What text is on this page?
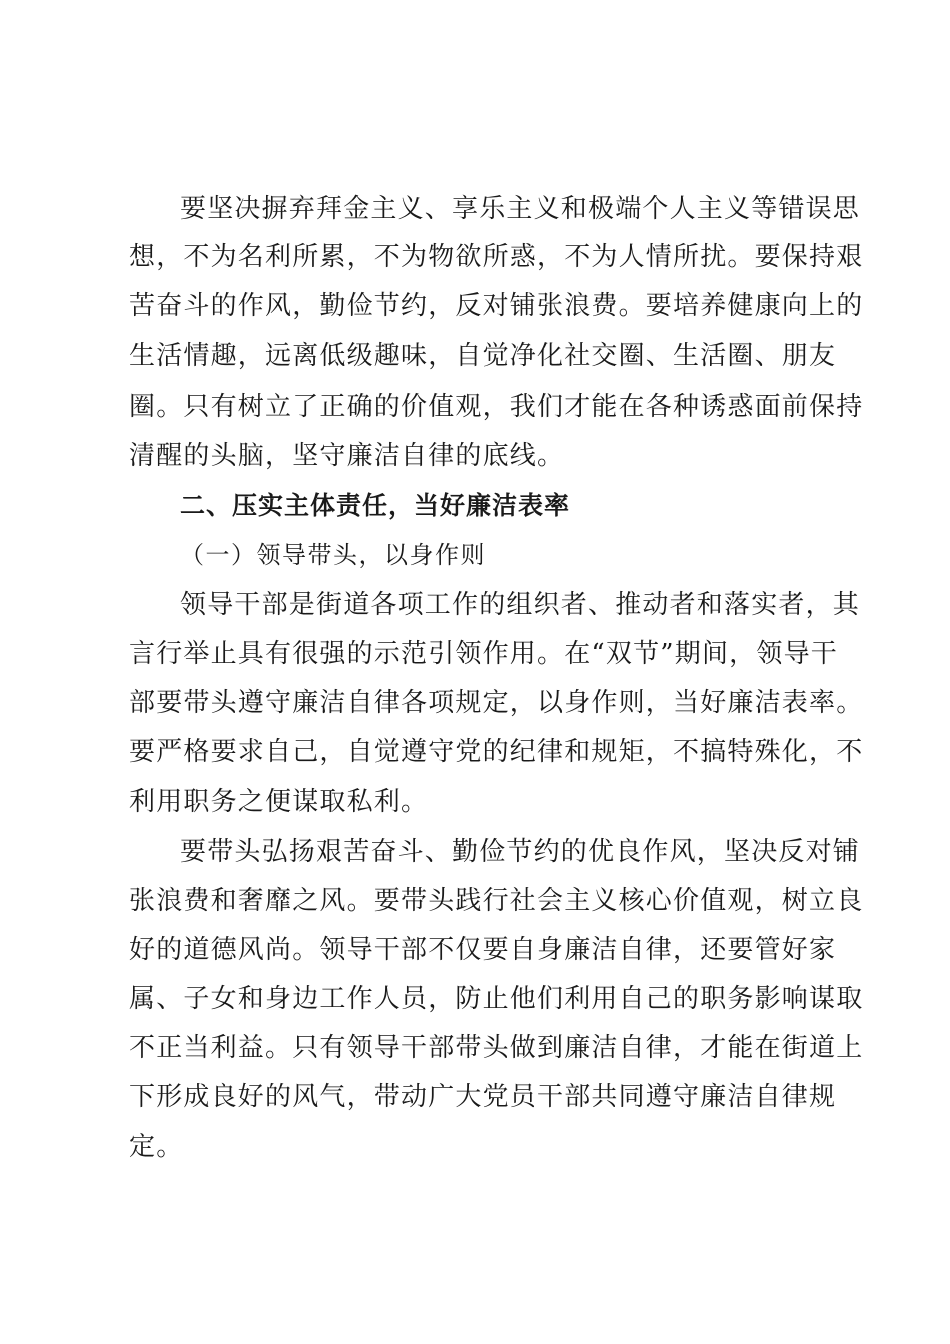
要坚决摒弃拜金主义、享乐主义和极端个人主义等错误思
想，不为名利所累，不为物欲所惑，不为人情所扰。要保持艰
苦奋斗的作风，勤俭节约，反对铺张浪费。要培养健康向上的
生活情趣，远离低级趣味，自觉净化社交圈、生活圈、朋友
圈。只有树立了正确的价值观，我们才能在各种诱惑面前保持
清醒的头脑，坚守廉洁自律的底线。
二、压实主体责任，当好廉洁表率
（一）领导带头，以身作则
领导干部是街道各项工作的组织者、推动者和落实者，其
言行举止具有很强的示范引领作用。在“双节”期间，领导干
部要带头遵守廉洁自律各项规定，以身作则，当好廉洁表率。
要严格要求自己，自觉遵守党的纪律和规矩，不搞特殊化，不
利用职务之便谋取私利。
要带头弘扬艰苦奋斗、勤俭节约的优良作风，坚决反对铺
张浪费和奢靡之风。要带头践行社会主义核心价值观，树立良
好的道德风尚。领导干部不仅要自身廉洁自律，还要管好家
属、子女和身边工作人员，防止他们利用自己的职务影响谋取
不正当利益。只有领导干部带头做到廉洁自律，才能在街道上
下形成良好的风气，带动广大党员干部共同遵守廉洁自律规
定。
